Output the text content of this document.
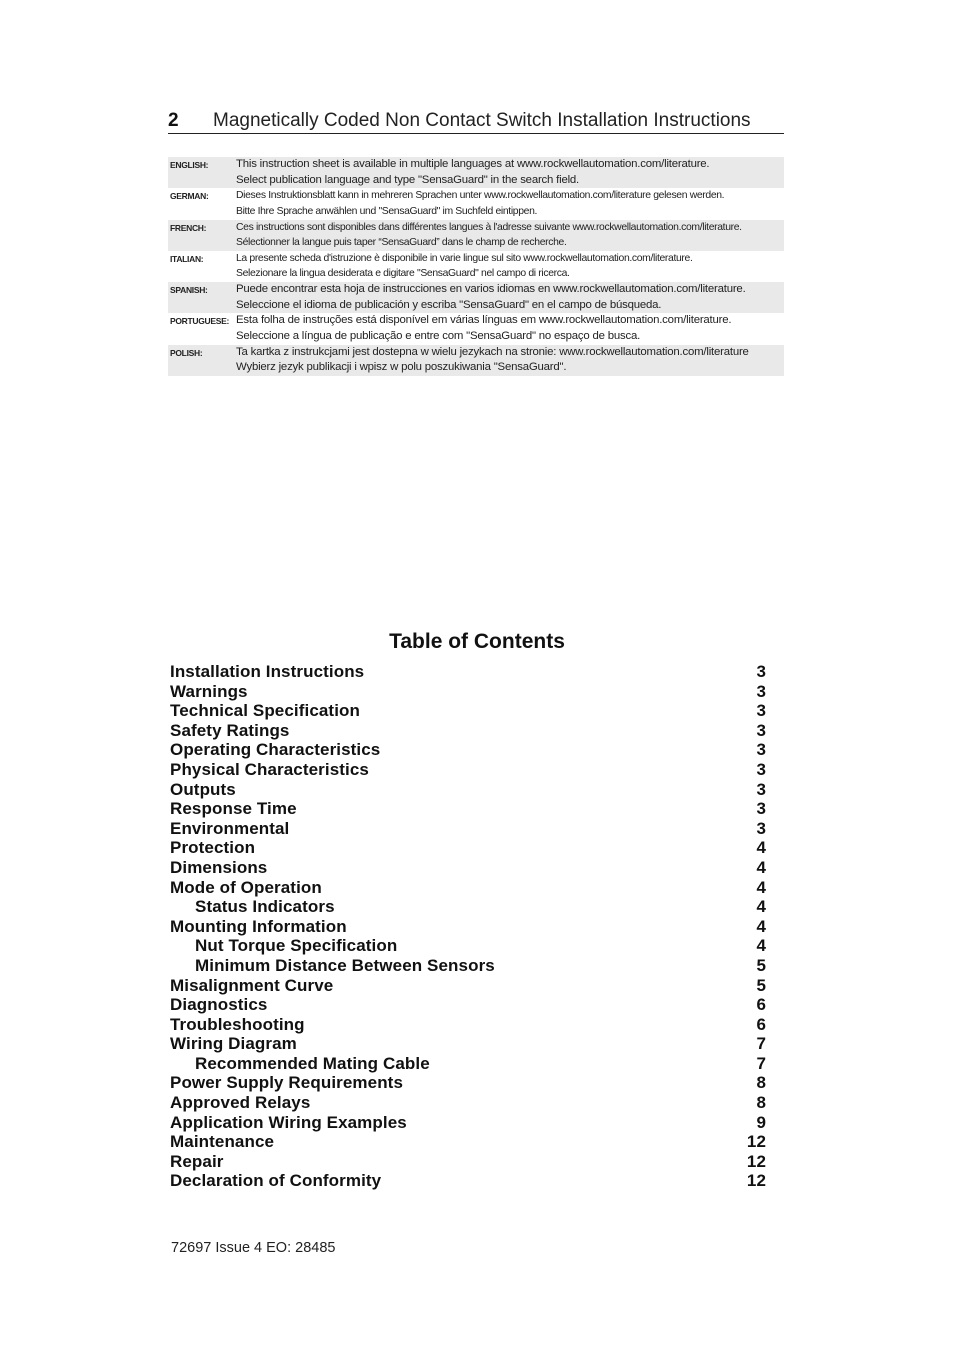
2	Magnetically Coded Non Contact Switch Installation Instructions
ENGLISH:	This instruction sheet is available in multiple languages at www.rockwellautomation.com/literature.
Select publication language and type "SensaGuard" in the search field.

GERMAN:	Dieses Instruktionsblatt kann in mehreren Sprachen unter www.rockwellautomation.com/literature gelesen werden.
Bitte Ihre Sprache anwählen und "SensaGuard" im Suchfeld eintippen.

FRENCH:	Ces instructions sont disponibles dans différentes langues à l'adresse suivante www.rockwellautomation.com/literature.
Sélectionner la langue puis taper “SensaGuard” dans le champ de recherche.

ITALIAN:	La presente scheda d'istruzione è disponibile in varie lingue sul sito www.rockwellautomation.com/literature.
Selezionare la lingua desiderata e digitare "SensaGuard" nel campo di ricerca.

SPANISH:	Puede encontrar esta hoja de instrucciones en varios idiomas en www.rockwellautomation.com/literature.
Seleccione el idioma de publicación y escriba "SensaGuard" en el campo de búsqueda.

PORTUGUESE:	Esta folha de instruções está disponível em várias línguas em www.rockwellautomation.com/literature.
Seleccione a língua de publicação e entre com "SensaGuard" no espaço de busca.

POLISH:	Ta kartka z instrukcjami jest dostepna w wielu jezykach na stronie: www.rockwellautomation.com/literature
Wybierz jezyk publikacji i wpisz w polu poszukiwania "SensaGuard".
Table of Contents
Installation Instructions	3
Warnings	3
Technical Specification	3
Safety Ratings	3
Operating Characteristics	3
Physical Characteristics	3
Outputs	3
Response Time	3
Environmental	3
Protection	4
Dimensions	4
Mode of Operation	4
Status Indicators	4
Mounting Information	4
Nut Torque Specification	4
Minimum Distance Between Sensors	5
Misalignment Curve	5
Diagnostics	6
Troubleshooting	6
Wiring Diagram	7
Recommended Mating Cable	7
Power Supply Requirements	8
Approved Relays	8
Application Wiring Examples	9
Maintenance	12
Repair	12
Declaration of Conformity	12
72697 Issue 4 EO: 28485
